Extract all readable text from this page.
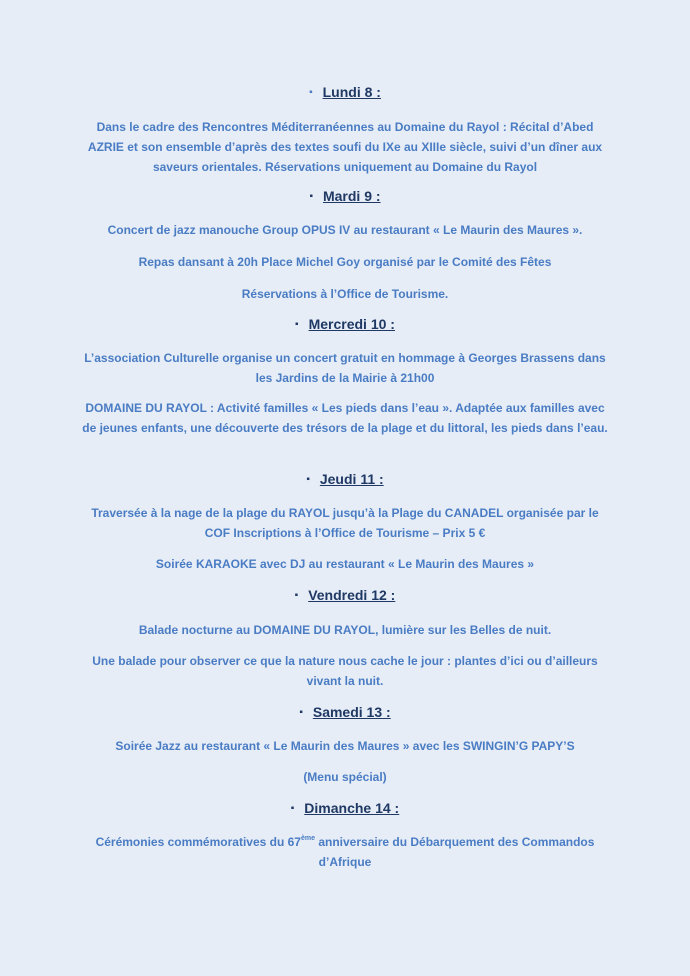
▪ Lundi 8 :
Dans le cadre des Rencontres Méditerranéennes au Domaine du Rayol : Récital d’Abed AZRIE et son ensemble d’après des textes soufi du IXe au XIIIe siècle, suivi d’un dîner aux saveurs orientales. Réservations uniquement au Domaine du Rayol
▪ Mardi 9 :
Concert de jazz manouche Group OPUS IV au restaurant « Le Maurin des Maures ».
Repas dansant à 20h Place Michel Goy organisé par le Comité des Fêtes
Réservations à l’Office de Tourisme.
▪ Mercredi 10 :
L’association Culturelle organise un concert gratuit en hommage à Georges Brassens dans les Jardins de la Mairie à 21h00
DOMAINE DU RAYOL : Activité familles « Les pieds dans l’eau ». Adaptée aux familles avec de jeunes enfants, une découverte des trésors de la plage et du littoral, les pieds dans l’eau.
▪ Jeudi 11 :
Traversée à la nage de la plage du RAYOL jusqu’à la Plage du CANADEL organisée par le COF Inscriptions à l’Office de Tourisme – Prix 5 €
Soirée KARAOKE avec DJ au restaurant « Le Maurin des Maures »
▪ Vendredi 12 :
Balade nocturne au DOMAINE DU RAYOL, lumière sur les Belles de nuit.
Une balade pour observer ce que la nature nous cache le jour : plantes d’ici ou d’ailleurs vivant la nuit.
▪ Samedi 13 :
Soirée Jazz au restaurant « Le Maurin des Maures » avec les SWINGIN’G PAPY’S
(Menu spécial)
▪ Dimanche 14 :
Cérémonies commémoratives du 67ème anniversaire du Débarquement des Commandos d’Afrique
